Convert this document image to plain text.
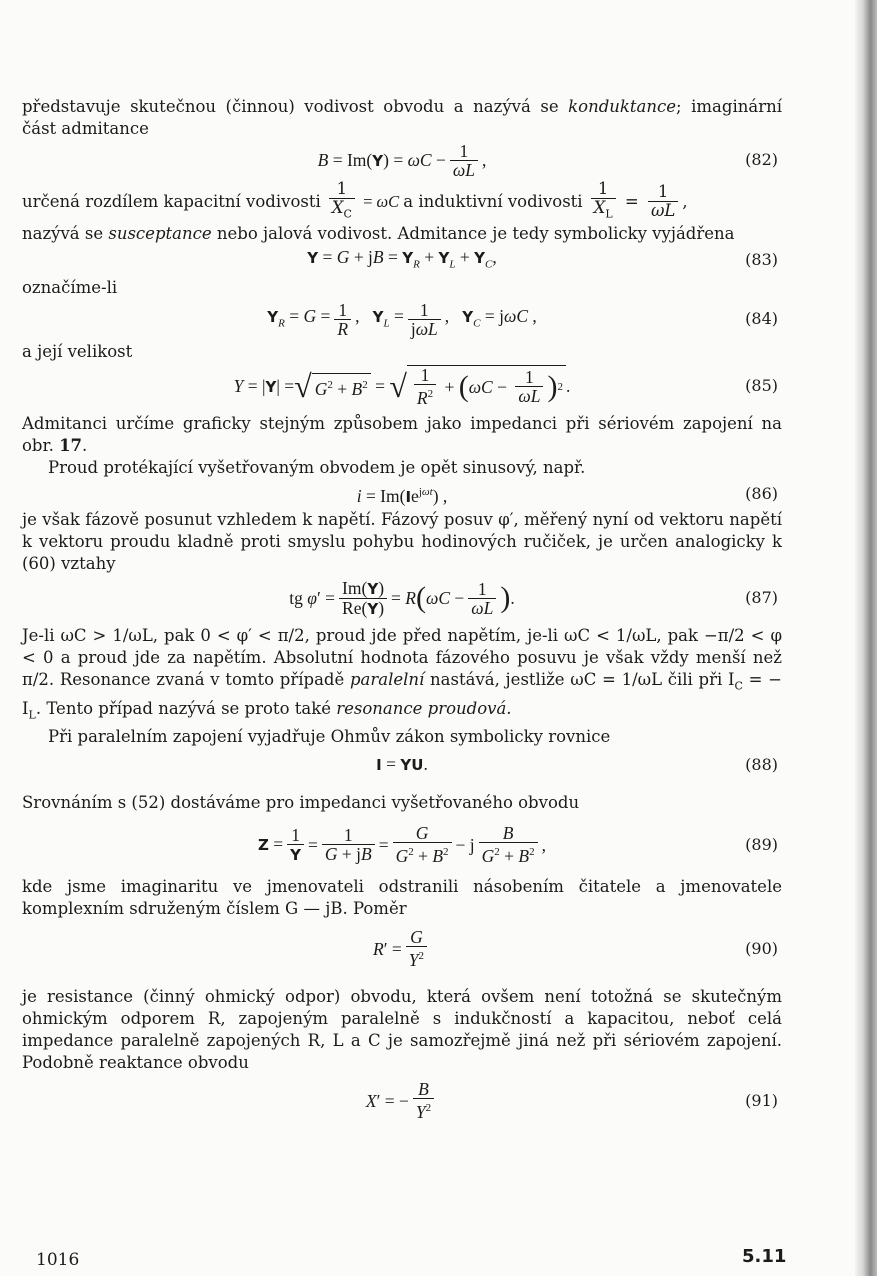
představuje skutečnou (činnou) vodivost obvodu a nazývá se konduktance; imaginární část admitance

$B = Im(Y) = \omega C - \frac{1}{\omega L}$ ,	(82)

určená rozdílem kapacitní vodivosti $\frac{1}{X_C} = \omega C$ a induktivní vodivosti $\frac{1}{X_L} = \frac{1}{\omega L}$ ,

nazývá se susceptance nebo jalová vodivost. Admitance je tedy symbolicky vyjádřena

Y = G + jB = $Y_R + Y_L + Y_C$,	(83)

označíme-li

$Y_R = G = \frac{1}{R}$ ,   $Y_L = \frac{1}{\text{jωL}}$ ,   $Y_C = j\omega C$ ,	(84)

a její velikost

Y = |Y| = √ $G^2 + B^2$ = √ $\frac{1}{R^2}$ + ( $\omega C - \frac{1}{\omega L}$ ) 2 .	(85)

Admitanci určíme graficky stejným způsobem jako impedanci při sériovém zapojení na obr. 17.

Proud protékající vyšetřovaným obvodem je opět sinusový, např.

$i = Im(Ie^{j\omega t})$ ,	(86)

je však fázově posunut vzhledem k napětí. Fázový posuv φ′, měřený nyní od vektoru napětí k vektoru proudu kladně proti smyslu pohybu hodinových ručiček, je určen analogicky k (60) vztahy

tg $\varphi' = \frac{Im(Y)}{Re(Y)} = R$ ( $\omega C - \frac{1}{\omega L}$ ) .	(87)

Je-li ωC > 1/ωL, pak 0 < φ′ < π/2, proud jde před napětím, je-li ωC < 1/ωL, pak −π/2 < φ < 0 a proud jde za napětím. Absolutní hodnota fázového posuvu je však vždy menší než π/2. Resonance zvaná v tomto případě paralelní nastává, jestliže ωC = 1/ωL čili při $I_C$ = − $I_L$. Tento případ nazývá se proto také resonance proudová.

Při paralelním zapojení vyjadřuje Ohmův zákon symbolicky rovnice

I = YU.	(88)

Srovnáním s (52) dostáváme pro impedanci vyšetřovaného obvodu

$Z = \frac{1}{Y} = \frac{1}{G + jB} = \frac{G}{G^2 + B^2} - j \frac{B}{G^2 + B^2}$ ,	(89)

kde jsme imaginaritu ve jmenovateli odstranili násobením čitatele a jmenovatele komplexním sdruženým číslem G — jB. Poměr

$R' = \frac{G}{Y^2}$	(90)

je resistance (činný ohmický odpor) obvodu, která ovšem není totožná se skutečným ohmickým odporem R, zapojeným paralelně s indukčností a kapacitou, neboť celá impedance paralelně zapojených R, L a C je samozřejmě jiná než při sériovém zapojení. Podobně reaktance obvodu

X′ = − $\frac{B}{Y^2}$	(91)
1016	5.11
